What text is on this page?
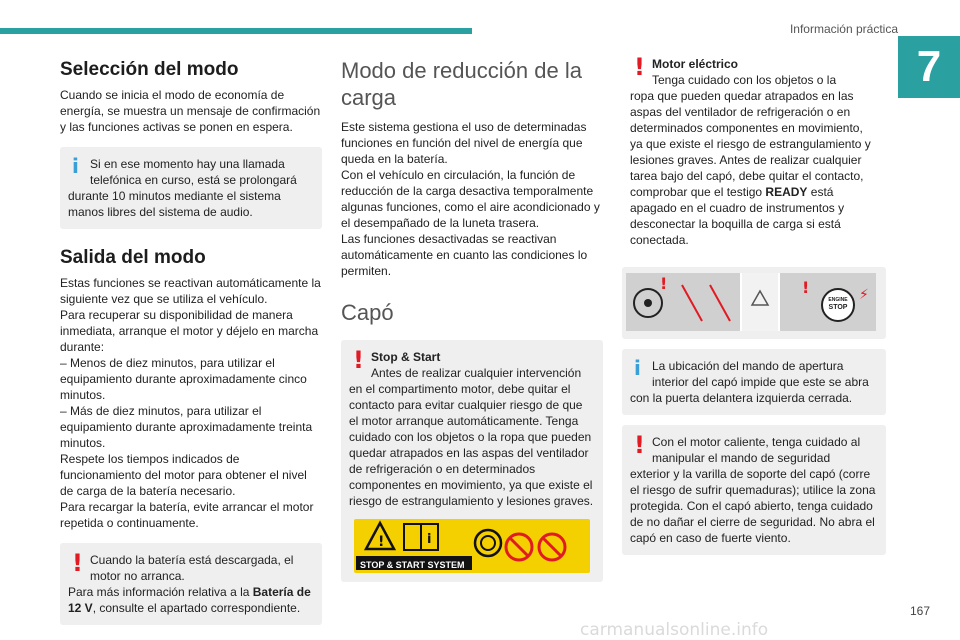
Información práctica
7
Selección del modo

Cuando se inicia el modo de economía de energía, se muestra un mensaje de confirmación y las funciones activas se ponen en espera.

i Si en ese momento hay una llamada telefónica en curso, está se prolongará
durante 10 minutos mediante el sistema manos libres del sistema de audio.
Salida del modo

Estas funciones se reactivan automáticamente la siguiente vez que se utiliza el vehículo.

Para recuperar su disponibilidad de manera inmediata, arranque el motor y déjelo en marcha durante:

– Menos de diez minutos, para utilizar el equipamiento durante aproximadamente cinco minutos.

– Más de diez minutos, para utilizar el equipamiento durante aproximadamente treinta minutos.

Respete los tiempos indicados de funcionamiento del motor para obtener el nivel de carga de la batería necesario.

Para recargar la batería, evite arrancar el motor repetida o continuamente.

! Cuando la batería está descargada, el motor no arranca.
Para más información relativa a la Batería de 12 V, consulte el apartado correspondiente.
Modo de reducción de la carga

Este sistema gestiona el uso de determinadas funciones en función del nivel de energía que queda en la batería.

Con el vehículo en circulación, la función de reducción de la carga desactiva temporalmente algunas funciones, como el aire acondicionado y el desempañado de la luneta trasera.

Las funciones desactivadas se reactivan automáticamente en cuanto las condiciones lo permiten.

Capó
! Stop & Start
Antes de realizar cualquier intervención
en el compartimento motor, debe quitar el contacto para evitar cualquier riesgo de que el motor arranque automáticamente. Tenga cuidado con los objetos o la ropa que pueden quedar atrapados en las aspas del ventilador de refrigeración o en determinados componentes en movimiento, ya que existe el riesgo de estrangulamiento y lesiones graves.
!	i
STOP & START SYSTEM
! Motor eléctrico
Tenga cuidado con los objetos o la
ropa que pueden quedar atrapados en las aspas del ventilador de refrigeración o en determinados componentes en movimiento, ya que existe el riesgo de estrangulamiento y lesiones graves. Antes de realizar cualquier tarea bajo del capó, debe quitar el contacto, comprobar que el testigo READY está apagado en el cuadro de instrumentos y desconectar la boquilla de carga si está conectada.
!	!	⚡
ENGINE
STOP
i La ubicación del mando de apertura interior del capó impide que este se abra
con la puerta delantera izquierda cerrada.
! Con el motor caliente, tenga cuidado al manipular el mando de seguridad
exterior y la varilla de soporte del capó (corre el riesgo de sufrir quemaduras); utilice la zona protegida. Con el capó abierto, tenga cuidado de no dañar el cierre de seguridad. No abra el capó en caso de fuerte viento.
167
carmanualsonline.info
